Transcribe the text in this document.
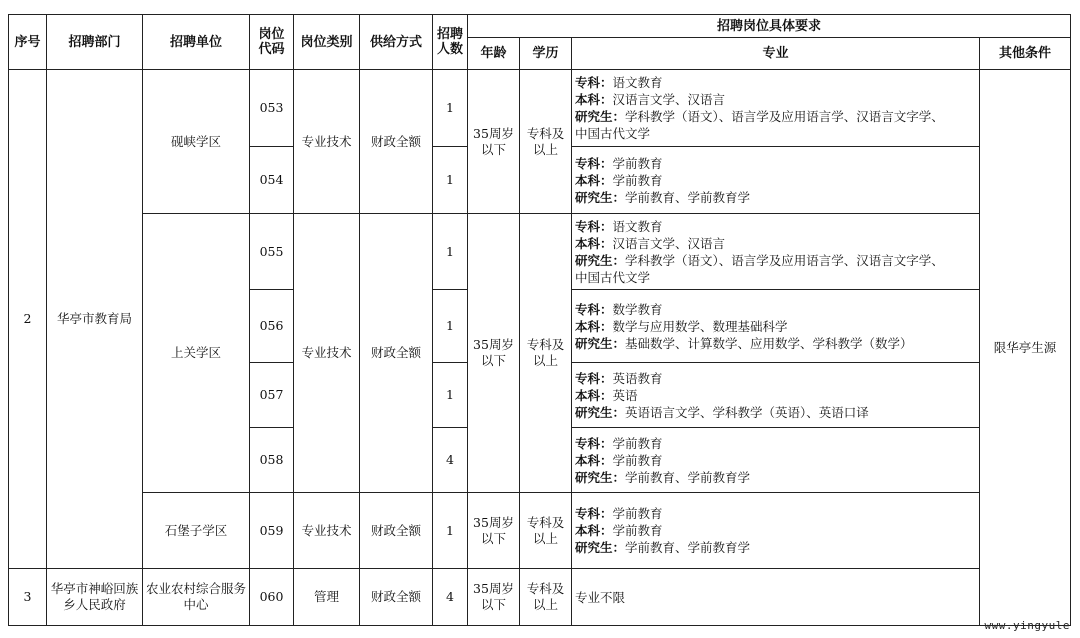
序号	招聘部门	招聘单位	岗位代码	岗位类别	供给方式	招聘人数	招聘岗位具体要求			
							年龄	学历	专业	其他条件
2	华亭市教育局	砚峡学区	053	专业技术	财政全额	1	35周岁以下	专科及以上	专科：语文教育
本科：汉语言文学、汉语言
研究生：学科教学（语文）、语言学及应用语言学、汉语言文字学、
中国古代文学	限华亭生源
			054			1			专科：学前教育
本科：学前教育
研究生：学前教育、学前教育学	

		上关学区	055	专业技术	财政全额	1	35周岁以下	专科及以上	专科：语文教育
本科：汉语言文学、汉语言
研究生：学科教学（语文）、语言学及应用语言学、汉语言文字学、
中国古代文学	

			056			1			专科：数学教育
本科：数学与应用数学、数理基础科学
研究生：基础数学、计算数学、应用数学、学科教学（数学）	

			057			1			专科：英语教育
本科：英语
研究生：英语语言文学、学科教学（英语）、英语口译	

			058			4			专科：学前教育
本科：学前教育
研究生：学前教育、学前教育学	

		石堡子学区	059	专业技术	财政全额	1	35周岁以下	专科及以上	专科：学前教育
本科：学前教育
研究生：学前教育、学前教育学	

3	华亭市神峪回族乡人民政府	农业农村综合服务中心	060	管理	财政全额	4	35周岁以下	专科及以上	专业不限	
www.yingyule
